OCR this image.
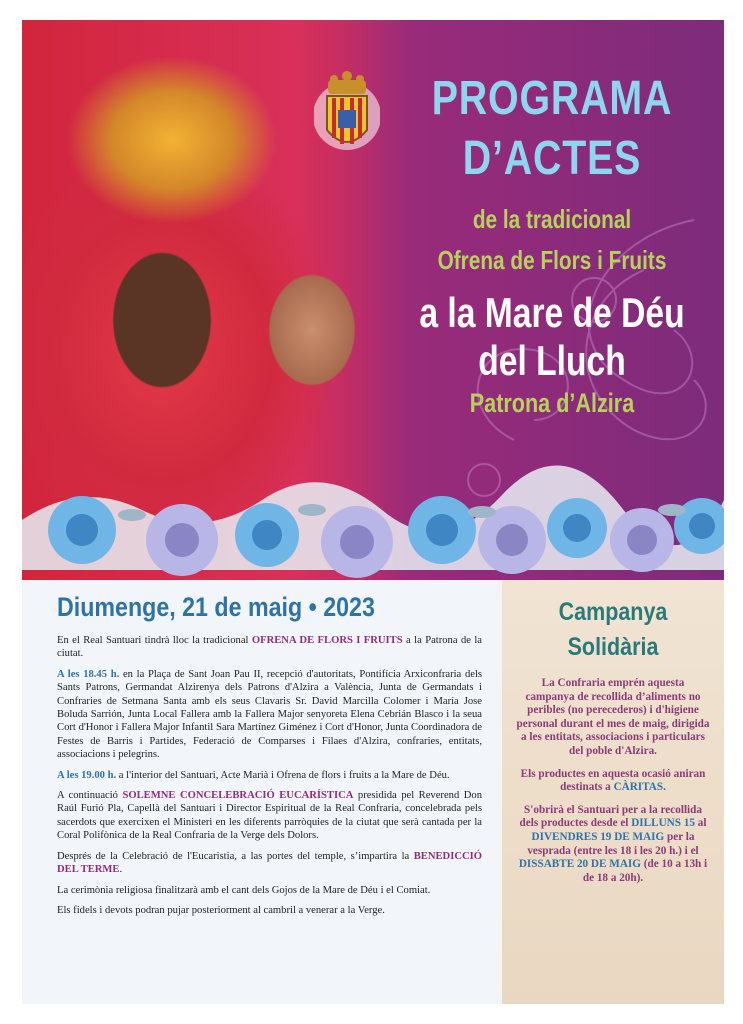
PROGRAMA
D’ACTES
de la tradicional
Ofrena de Flors i Fruits
a la Mare de Déu
del Lluch
Patrona d’Alzira
Diumenge, 21 de maig • 2023

En el Real Santuari tindrà lloc la tradicional OFRENA DE FLORS I FRUITS a la Patrona de la ciutat.

A les 18.45 h. en la Plaça de Sant Joan Pau II, recepció d'autoritats, Pontifícia Arxiconfraria dels Sants Patrons, Germandat Alzirenya dels Patrons d'Alzira a València, Junta de Germandats i Confraries de Setmana Santa amb els seus Clavaris Sr. David Marcilla Colomer i María Jose Boluda Sarrión, Junta Local Fallera amb la Fallera Major senyoreta Elena Cebrián Blasco i la seua Cort d'Honor i Fallera Major Infantil Sara Martínez Giménez i Cort d'Honor, Junta Coordinadora de Festes de Barris i Partides, Federació de Comparses i Filaes d'Alzira, confraries, entitats, associacions i pelegrins.

A les 19.00 h. a l'interior del Santuari, Acte Marià i Ofrena de flors i fruits a la Mare de Déu.

A continuació SOLEMNE CONCELEBRACIÓ EUCARÍSTICA presidida pel Reverend Don Raúl Furió Pla, Capellà del Santuari i Director Espiritual de la Real Confraria, concelebrada pels sacerdots que exercixen el Ministeri en les diferents parròquies de la ciutat que serà cantada per la Coral Polifònica de la Real Confraria de la Verge dels Dolors.

Després de la Celebració de l'Eucaristia, a las portes del temple, s’impartira la BENEDICCIÓ DEL TERME.

La cerimònia religiosa finalitzarà amb el cant dels Gojos de la Mare de Déu i el Comiat.

Els fidels i devots podran pujar posteriorment al cambril a venerar a la Verge.

Campanya
Solidària

La Confraria emprén aquesta campanya de recollida d’aliments no peribles (no perecederos) i d'higiene personal durant el mes de maig, dirigida a les entitats, associacions i particulars del poble d'Alzira.

Els productes en aquesta ocasió aniran destinats a CÀRITAS.

S'obrirà el Santuari per a la recollida dels productes desde el DILLUNS 15 al DIVENDRES 19 DE MAIG per la vesprada (entre les 18 i les 20 h.) i el DISSABTE 20 DE MAIG (de 10 a 13h i de 18 a 20h).
